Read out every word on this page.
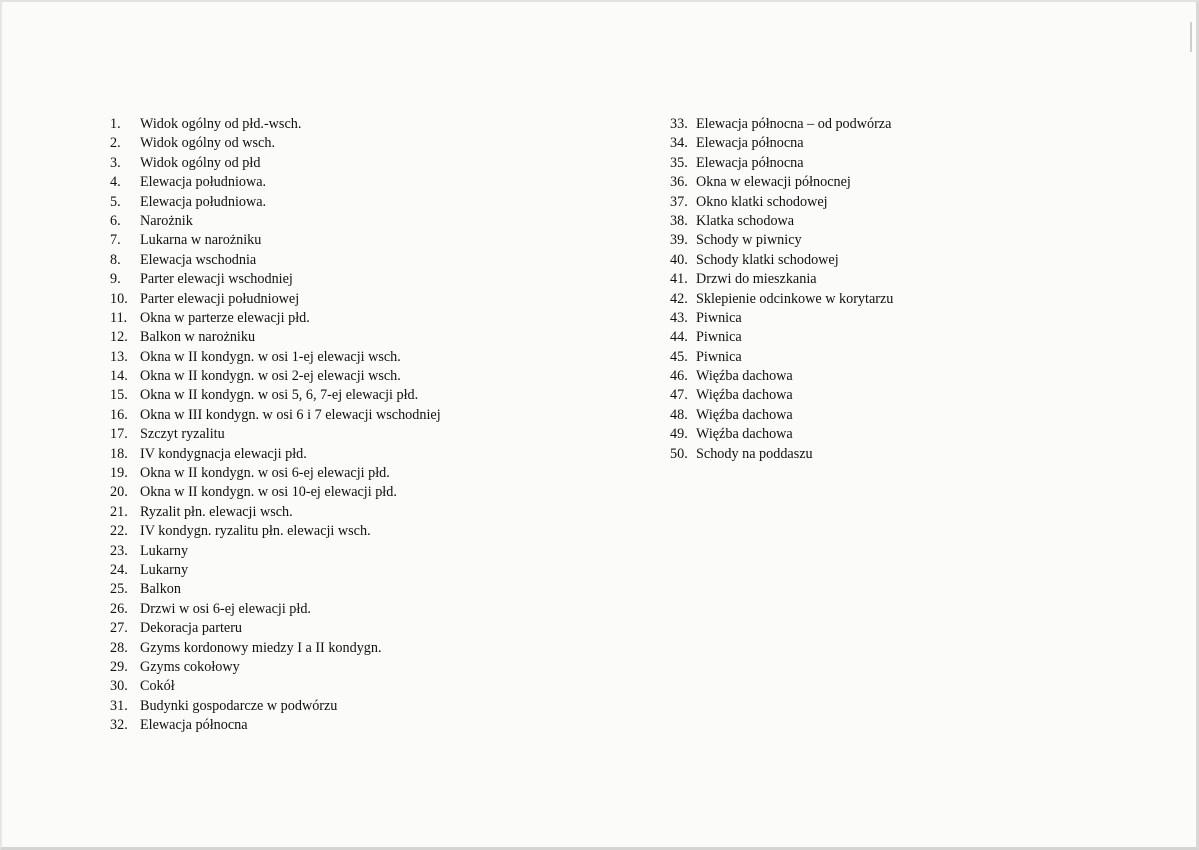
1. Widok ogólny od płd.-wsch.
2. Widok ogólny od wsch.
3. Widok ogólny od płd
4. Elewacja południowa.
5. Elewacja południowa.
6. Narożnik
7. Lukarna w narożniku
8. Elewacja wschodnia
9. Parter elewacji wschodniej
10. Parter elewacji południowej
11. Okna w parterze elewacji płd.
12. Balkon w narożniku
13. Okna w II kondygn. w osi 1-ej elewacji wsch.
14. Okna w II kondygn. w osi 2-ej elewacji wsch.
15. Okna w II kondygn. w osi 5, 6, 7-ej elewacji płd.
16. Okna w III kondygn. w osi 6 i 7 elewacji wschodniej
17. Szczyt ryzalitu
18. IV kondygnacja elewacji płd.
19. Okna w II kondygn. w osi 6-ej elewacji płd.
20. Okna w II kondygn. w osi 10-ej elewacji płd.
21. Ryzalit płn. elewacji wsch.
22. IV kondygn. ryzalitu płn. elewacji wsch.
23. Lukarny
24. Lukarny
25. Balkon
26. Drzwi w osi 6-ej elewacji płd.
27. Dekoracja parteru
28. Gzyms kordonowy miedzy I a II kondygn.
29. Gzyms cokołowy
30. Cokół
31. Budynki gospodarcze w podwórzu
32. Elewacja północna
33. Elewacja północna – od podwórza
34. Elewacja północna
35. Elewacja północna
36. Okna w elewacji północnej
37. Okno klatki schodowej
38. Klatka schodowa
39. Schody w piwnicy
40. Schody klatki schodowej
41. Drzwi do mieszkania
42. Sklepienie odcinkowe w korytarzu
43. Piwnica
44. Piwnica
45. Piwnica
46. Więźba dachowa
47. Więźba dachowa
48. Więźba dachowa
49. Więźba dachowa
50. Schody na poddaszu
